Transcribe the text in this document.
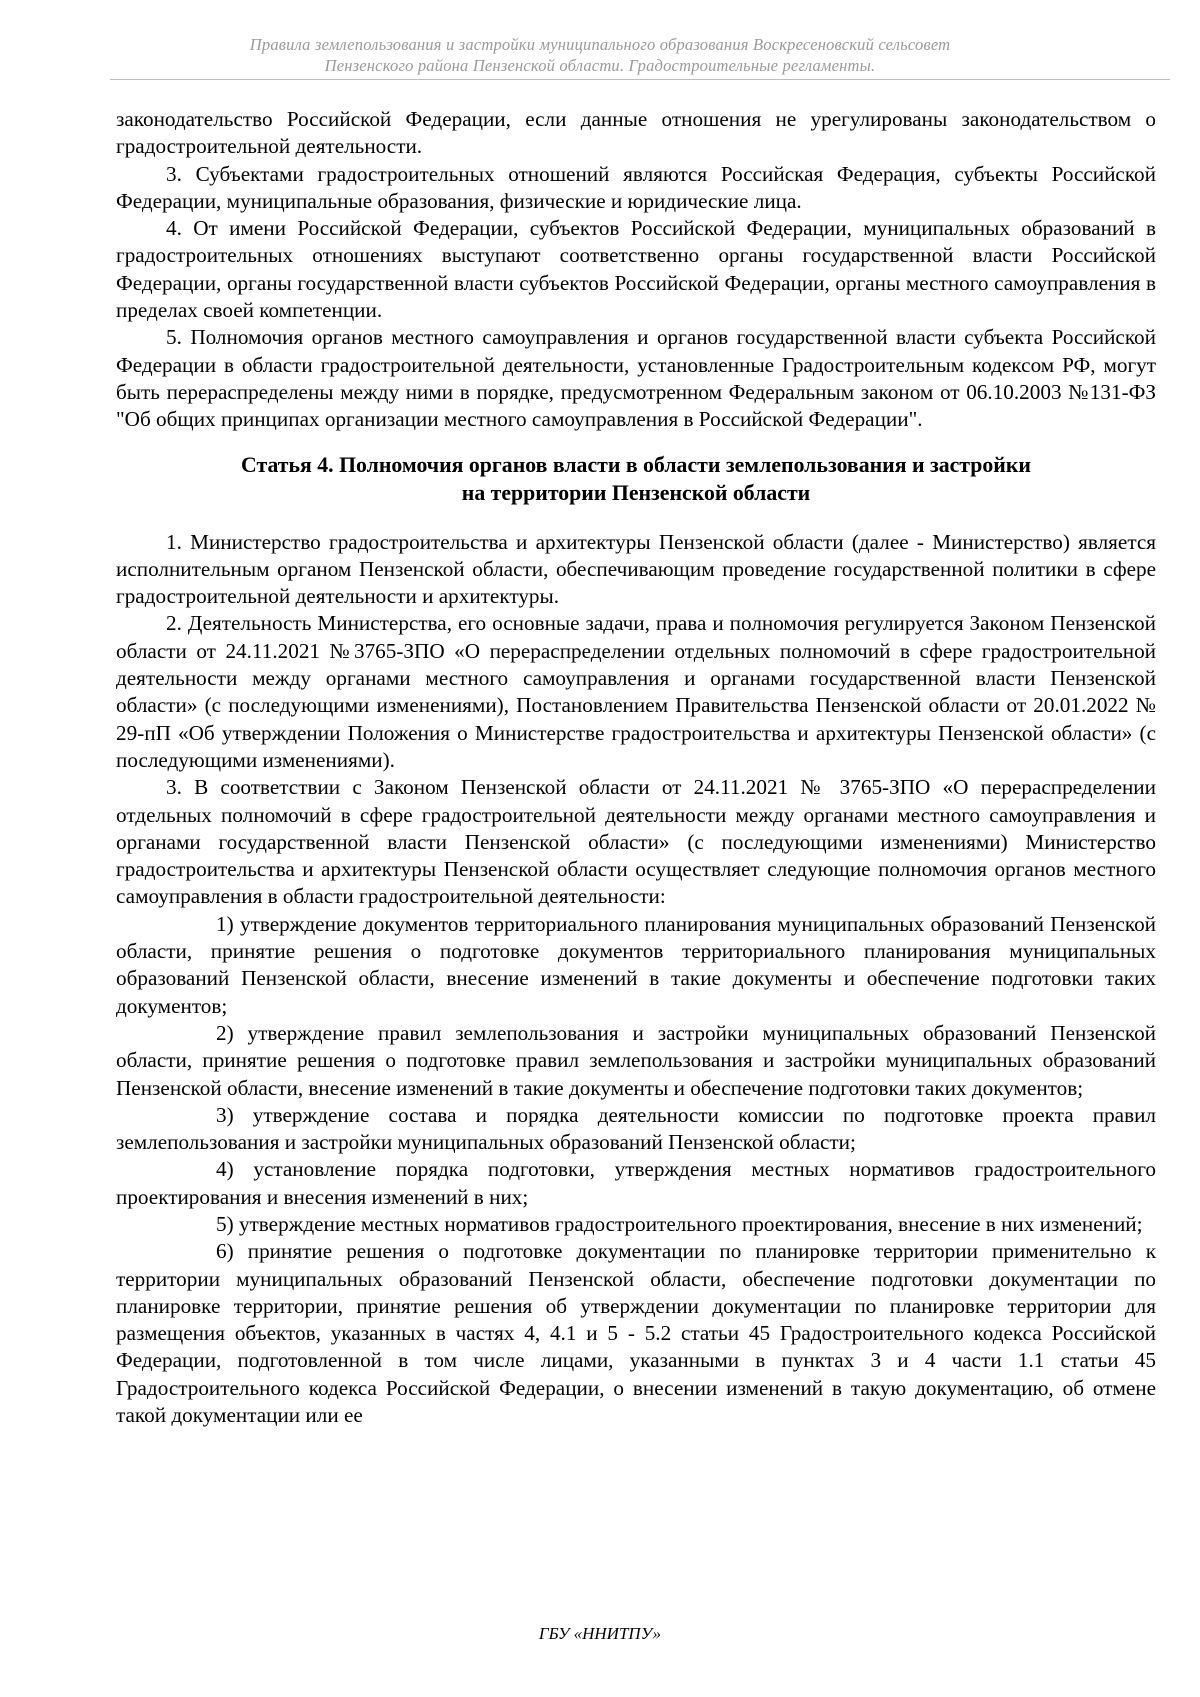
Правила землепользования и застройки муниципального образования Воскресеновский сельсовет
Пензенского района Пензенской области. Градостроительные регламенты.

законодательство Российской Федерации, если данные отношения не урегулированы законодательством о градостроительной деятельности.

3. Субъектами градостроительных отношений являются Российская Федерация, субъекты Российской Федерации, муниципальные образования, физические и юридические лица.

4. От имени Российской Федерации, субъектов Российской Федерации, муниципальных образований в градостроительных отношениях выступают соответственно органы государственной власти Российской Федерации, органы государственной власти субъектов Российской Федерации, органы местного самоуправления в пределах своей компетенции.

5. Полномочия органов местного самоуправления и органов государственной власти субъекта Российской Федерации в области градостроительной деятельности, установленные Градостроительным кодексом РФ, могут быть перераспределены между ними в порядке, предусмотренном Федеральным законом от 06.10.2003 №131-ФЗ "Об общих принципах организации местного самоуправления в Российской Федерации".

Статья 4. Полномочия органов власти в области землепользования и застройки
на территории Пензенской области

1. Министерство градостроительства и архитектуры Пензенской области (далее - Министерство) является исполнительным органом Пензенской области, обеспечивающим проведение государственной политики в сфере градостроительной деятельности и архитектуры.

2. Деятельность Министерства, его основные задачи, права и полномочия регулируется Законом Пензенской области от 24.11.2021 №3765-ЗПО «О перераспределении отдельных полномочий в сфере градостроительной деятельности между органами местного самоуправления и органами государственной власти Пензенской области» (с последующими изменениями), Постановлением Правительства Пензенской области от 20.01.2022 № 29-пП «Об утверждении Положения о Министерстве градостроительства и архитектуры Пензенской области» (с последующими изменениями).

3. В соответствии с Законом Пензенской области от 24.11.2021 № 3765-ЗПО «О перераспределении отдельных полномочий в сфере градостроительной деятельности между органами местного самоуправления и органами государственной власти Пензенской области» (с последующими изменениями) Министерство градостроительства и архитектуры Пензенской области осуществляет следующие полномочия органов местного самоуправления в области градостроительной деятельности:

1) утверждение документов территориального планирования муниципальных образований Пензенской области, принятие решения о подготовке документов территориального планирования муниципальных образований Пензенской области, внесение изменений в такие документы и обеспечение подготовки таких документов;

2) утверждение правил землепользования и застройки муниципальных образований Пензенской области, принятие решения о подготовке правил землепользования и застройки муниципальных образований Пензенской области, внесение изменений в такие документы и обеспечение подготовки таких документов;

3) утверждение состава и порядка деятельности комиссии по подготовке проекта правил землепользования и застройки муниципальных образований Пензенской области;

4) установление порядка подготовки, утверждения местных нормативов градостроительного проектирования и внесения изменений в них;

5) утверждение местных нормативов градостроительного проектирования, внесение в них изменений;

6) принятие решения о подготовке документации по планировке территории применительно к территории муниципальных образований Пензенской области, обеспечение подготовки документации по планировке территории, принятие решения об утверждении документации по планировке территории для размещения объектов, указанных в частях 4, 4.1 и 5 - 5.2 статьи 45 Градостроительного кодекса Российской Федерации, подготовленной в том числе лицами, указанными в пунктах 3 и 4 части 1.1 статьи 45 Градостроительного кодекса Российской Федерации, о внесении изменений в такую документацию, об отмене такой документации или ее

ГБУ «ННИТПУ»
